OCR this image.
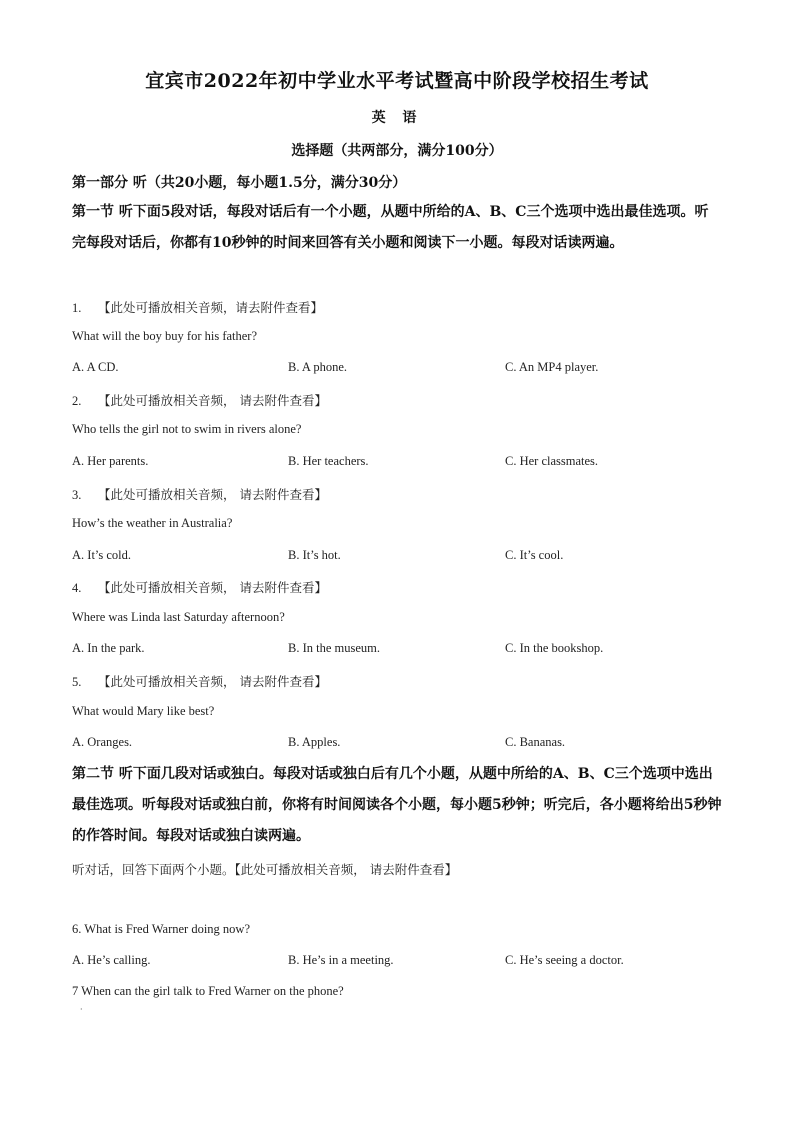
宜宾市2022年初中学业水平考试暨高中阶段学校招生考试
英 语
选择题（共两部分，满分100分）
第一部分 听（共20小题，每小题1.5分，满分30分）
第一节 听下面5段对话，每段对话后有一个小题，从题中所给的A、B、C三个选项中选出最佳选项。听完每段对话后，你都有10秒钟的时间来回答有关小题和阅读下一小题。每段对话读两遍。
1. 【此处可播放相关音频，请去附件查看】
What will the boy buy for his father?
A. A CD.	B. A phone.	C. An MP4 player.
2. 【此处可播放相关音频， 请去附件查看】
Who tells the girl not to swim in rivers alone?
A. Her parents.	B. Her teachers.	C. Her classmates.
3. 【此处可播放相关音频， 请去附件查看】
How’s the weather in Australia?
A. It’s cold.	B. It’s hot.	C. It’s cool.
4. 【此处可播放相关音频， 请去附件查看】
Where was Linda last Saturday afternoon?
A. In the park.	B. In the museum.	C. In the bookshop.
5. 【此处可播放相关音频， 请去附件查看】
What would Mary like best?
A. Oranges.	B. Apples.	C. Bananas.
第二节 听下面几段对话或独白。每段对话或独白后有几个小题，从题中所给的A、B、C三个选项中选出最佳选项。听每段对话或独白前，你将有时间阅读各个小题，每小题5秒钟；听完后，各小题将给出5秒钟的作答时间。每段对话或独白读两遍。
听对话，回答下面两个小题。【此处可播放相关音频， 请去附件查看】
6. What is Fred Warner doing now?
A. He’s calling.	B. He’s in a meeting.	C. He’s seeing a doctor.
7 When can the girl talk to Fred Warner on the phone?
·
